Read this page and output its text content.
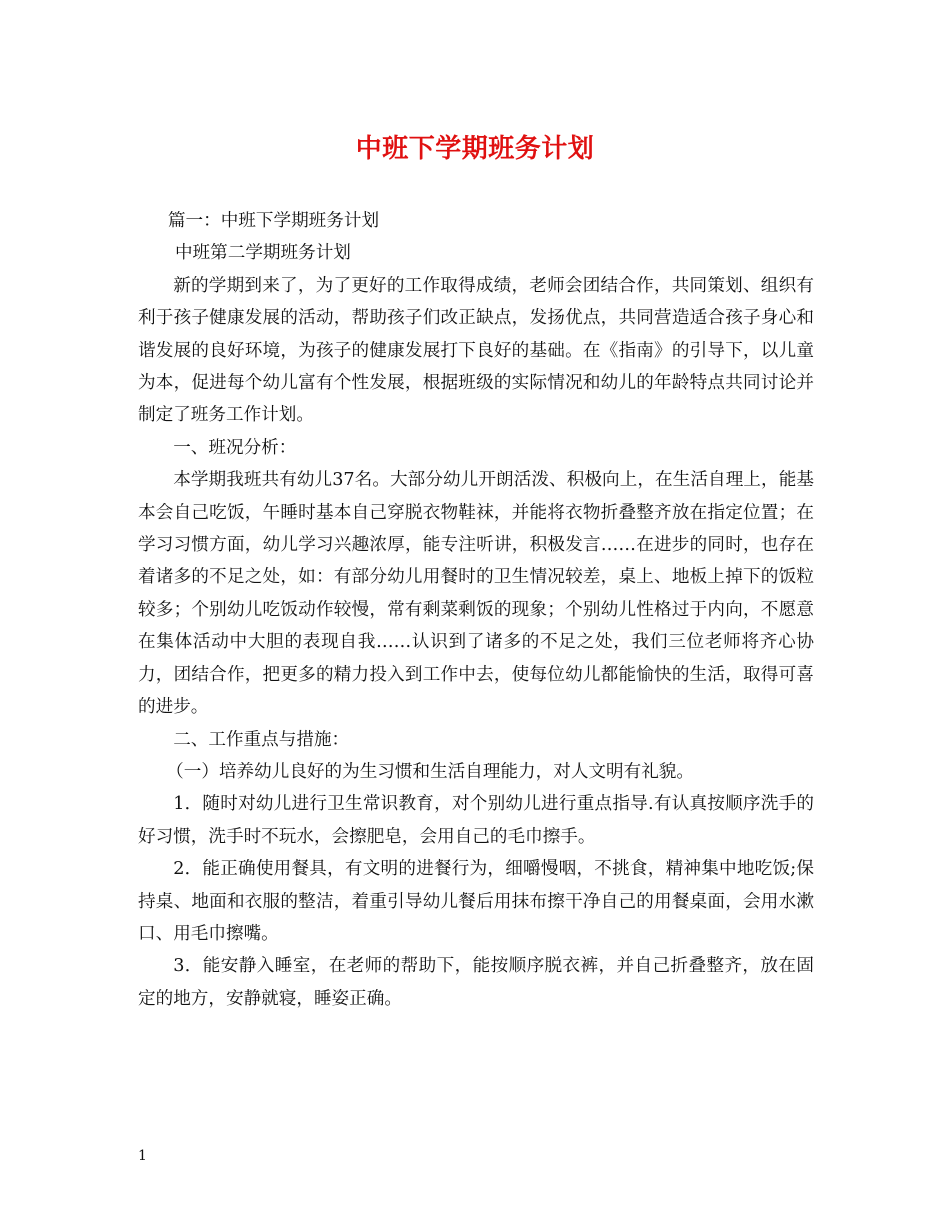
中班下学期班务计划

篇一：中班下学期班务计划

中班第二学期班务计划

新的学期到来了，为了更好的工作取得成绩，老师会团结合作，共同策划、组织有利于孩子健康发展的活动，帮助孩子们改正缺点，发扬优点，共同营造适合孩子身心和谐发展的良好环境，为孩子的健康发展打下良好的基础。在《指南》的引导下，以儿童为本，促进每个幼儿富有个性发展，根据班级的实际情况和幼儿的年龄特点共同讨论并制定了班务工作计划。

一、班况分析：

本学期我班共有幼儿37名。大部分幼儿开朗活泼、积极向上，在生活自理上，能基本会自己吃饭，午睡时基本自己穿脱衣物鞋袜，并能将衣物折叠整齐放在指定位置；在学习习惯方面，幼儿学习兴趣浓厚，能专注听讲，积极发言……在进步的同时，也存在着诸多的不足之处，如：有部分幼儿用餐时的卫生情况较差，桌上、地板上掉下的饭粒较多；个别幼儿吃饭动作较慢，常有剩菜剩饭的现象；个别幼儿性格过于内向，不愿意在集体活动中大胆的表现自我……认识到了诸多的不足之处，我们三位老师将齐心协力，团结合作，把更多的精力投入到工作中去，使每位幼儿都能愉快的生活，取得可喜的进步。

二、工作重点与措施：

（一）培养幼儿良好的为生习惯和生活自理能力，对人文明有礼貌。

1．随时对幼儿进行卫生常识教育，对个别幼儿进行重点指导.有认真按顺序洗手的好习惯，洗手时不玩水，会擦肥皂，会用自己的毛巾擦手。

2．能正确使用餐具，有文明的进餐行为，细嚼慢咽，不挑食，精神集中地吃饭;保持桌、地面和衣服的整洁，着重引导幼儿餐后用抹布擦干净自己的用餐桌面，会用水漱口、用毛巾擦嘴。

3．能安静入睡室，在老师的帮助下，能按顺序脱衣裤，并自己折叠整齐，放在固定的地方，安静就寝，睡姿正确。

1
